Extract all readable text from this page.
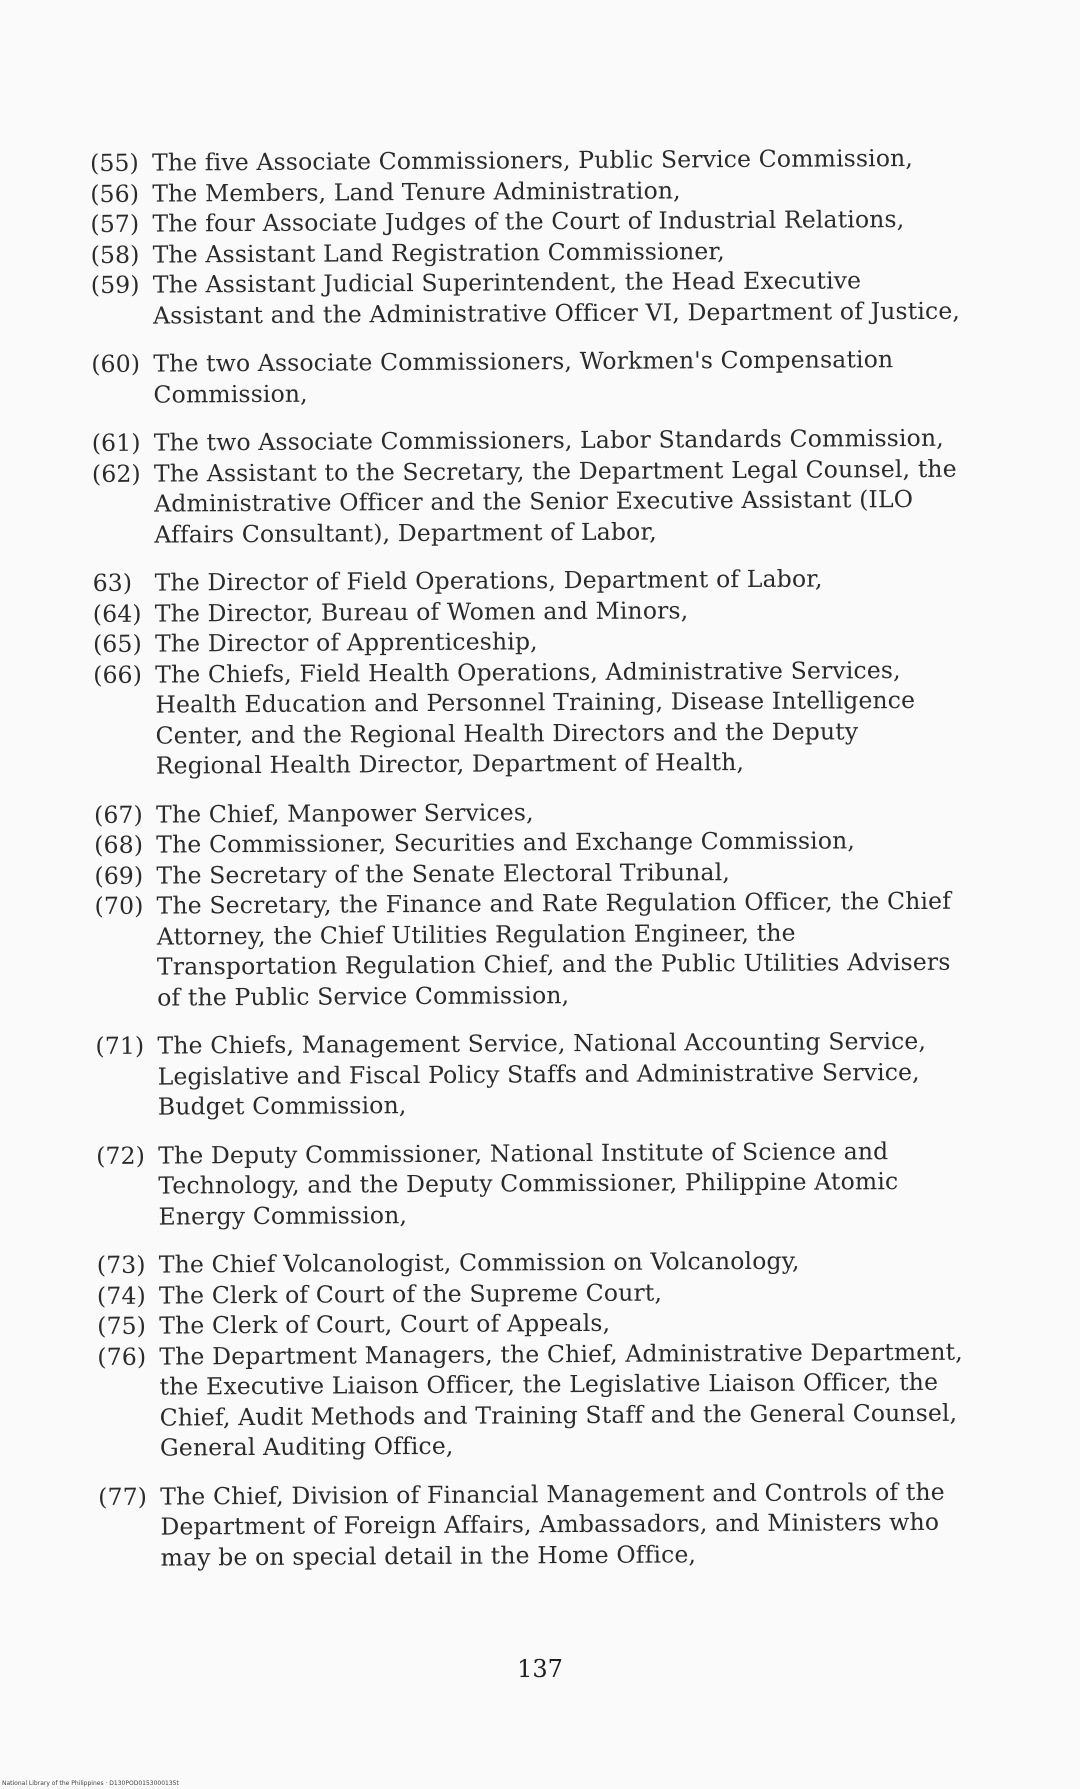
(55) The five Associate Commissioners, Public Service Commission,
(56) The Members, Land Tenure Administration,
(57) The four Associate Judges of the Court of Industrial Relations,
(58) The Assistant Land Registration Commissioner,
(59) The Assistant Judicial Superintendent, the Head Executive Assistant and the Administrative Officer VI, Department of Justice,
(60) The two Associate Commissioners, Workmen's Compensation Commission,
(61) The two Associate Commissioners, Labor Standards Commission,
(62) The Assistant to the Secretary, the Department Legal Counsel, the Administrative Officer and the Senior Executive Assistant (ILO Affairs Consultant), Department of Labor,
63) The Director of Field Operations, Department of Labor,
(64) The Director, Bureau of Women and Minors,
(65) The Director of Apprenticeship,
(66) The Chiefs, Field Health Operations, Administrative Services, Health Education and Personnel Training, Disease Intelligence Center, and the Regional Health Directors and the Deputy Regional Health Director, Department of Health,
(67) The Chief, Manpower Services,
(68) The Commissioner, Securities and Exchange Commission,
(69) The Secretary of the Senate Electoral Tribunal,
(70) The Secretary, the Finance and Rate Regulation Officer, the Chief Attorney, the Chief Utilities Regulation Engineer, the Transportation Regulation Chief, and the Public Utilities Advisers of the Public Service Commission,
(71) The Chiefs, Management Service, National Accounting Service, Legislative and Fiscal Policy Staffs and Administrative Service, Budget Commission,
(72) The Deputy Commissioner, National Institute of Science and Technology, and the Deputy Commissioner, Philippine Atomic Energy Commission,
(73) The Chief Volcanologist, Commission on Volcanology,
(74) The Clerk of Court of the Supreme Court,
(75) The Clerk of Court, Court of Appeals,
(76) The Department Managers, the Chief, Administrative Department, the Executive Liaison Officer, the Legislative Liaison Officer, the Chief, Audit Methods and Training Staff and the General Counsel, General Auditing Office,
(77) The Chief, Division of Financial Management and Controls of the Department of Foreign Affairs, Ambassadors, and Ministers who may be on special detail in the Home Office,
137
National Library of the Philippines · D130POD0153000135t
